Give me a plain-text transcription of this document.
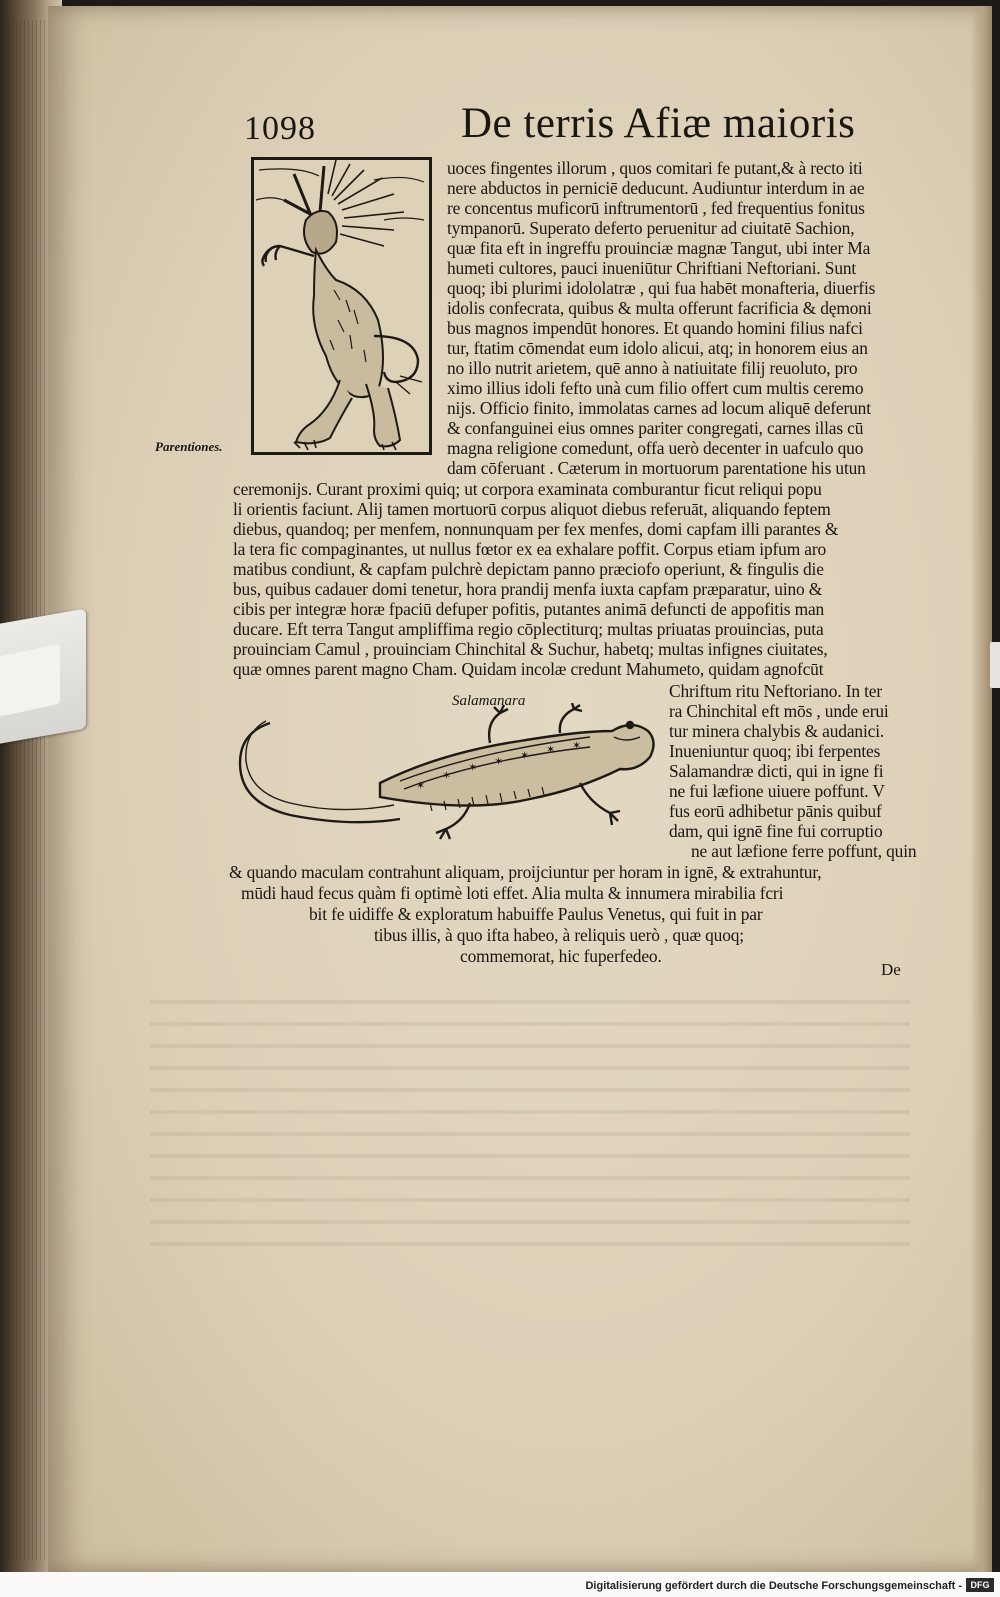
1098	De terris Afiæ maioris
Parentiones.
uoces fingentes illorum , quos comitari fe putant,& à recto iti
nere abductos in perniciē deducunt. Audiuntur interdum in ae
re concentus muficorū inftrumentorū , fed frequentius fonitus
tympanorū. Superato deferto peruenitur ad ciuitatē Sachion,
quæ fita eft in ingreffu prouinciæ magnæ Tangut, ubi inter Ma
humeti cultores, pauci inueniūtur Chriftiani Neftoriani. Sunt
quoq; ibi plurimi idololatræ , qui fua habēt monafteria, diuerfis
idolis confecrata, quibus & multa offerunt facrificia & dęmoni
bus magnos impendūt honores. Et quando homini filius nafci
tur, ftatim cōmendat eum idolo alicui, atq; in honorem eius an
no illo nutrit arietem, quē anno à natiuitate filij reuoluto, pro
ximo illius idoli fefto unà cum filio offert cum multis ceremo
nijs. Officio finito, immolatas carnes ad locum aliquē deferunt
& confanguinei eius omnes pariter congregati, carnes illas cū
magna religione comedunt, offa uerò decenter in uafculo quo
dam cōferuant . Cæterum in mortuorum parentatione his utun
ceremonijs. Curant proximi quiq; ut corpora examinata comburantur ficut reliqui popu
li orientis faciunt. Alij tamen mortuorū corpus aliquot diebus referuāt, aliquando feptem
diebus, quandoq; per menfem, nonnunquam per fex menfes, domi capfam illi parantes &
la tera fic compaginantes, ut nullus fœtor ex ea exhalare poffit. Corpus etiam ipfum aro
matibus condiunt, & capfam pulchrè depictam panno præciofo operiunt, & fingulis die
bus, quibus cadauer domi tenetur, hora prandij menfa iuxta capfam præparatur, uino &
cibis per integræ horæ fpaciū defuper pofitis, putantes animā defuncti de appofitis man
ducare. Eft terra Tangut ampliffima regio cōplectiturq; multas priuatas prouincias, puta
prouinciam Camul , prouinciam Chinchital & Suchur, habetq; multas infignes ciuitates,
quæ omnes parent magno Cham. Quidam incolæ credunt Mahumeto, quidam agnofcūt
Chriftum ritu Neftoriano. In ter
ra Chinchital eft mōs , unde erui
tur minera chalybis & audanici.
Inueniuntur quoq; ibi ferpentes
Salamandræ dicti, qui in igne fi
ne fui læfione uiuere poffunt. V
fus eorū adhibetur pānis quibuf
dam, qui ignē fine fui corruptio
ne aut læfione ferre poffunt, quin
& quando maculam contrahunt aliquam, proijciuntur per horam in ignē, & extrahuntur,
mūdi haud fecus quàm fi optimè loti effet. Alia multa & innumera mirabilia fcri
bit fe uidiffe & exploratum habuiffe Paulus Venetus, qui fuit in par
tibus illis, à quo ifta habeo, à reliquis uerò , quæ quoq;
commemorat, hic fuperfedeo.
Salamanara
✶
✶
✶ ✶ ✶ ✶ ✶
De
Digitalisierung gefördert durch die Deutsche Forschungsgemeinschaft - DFG
